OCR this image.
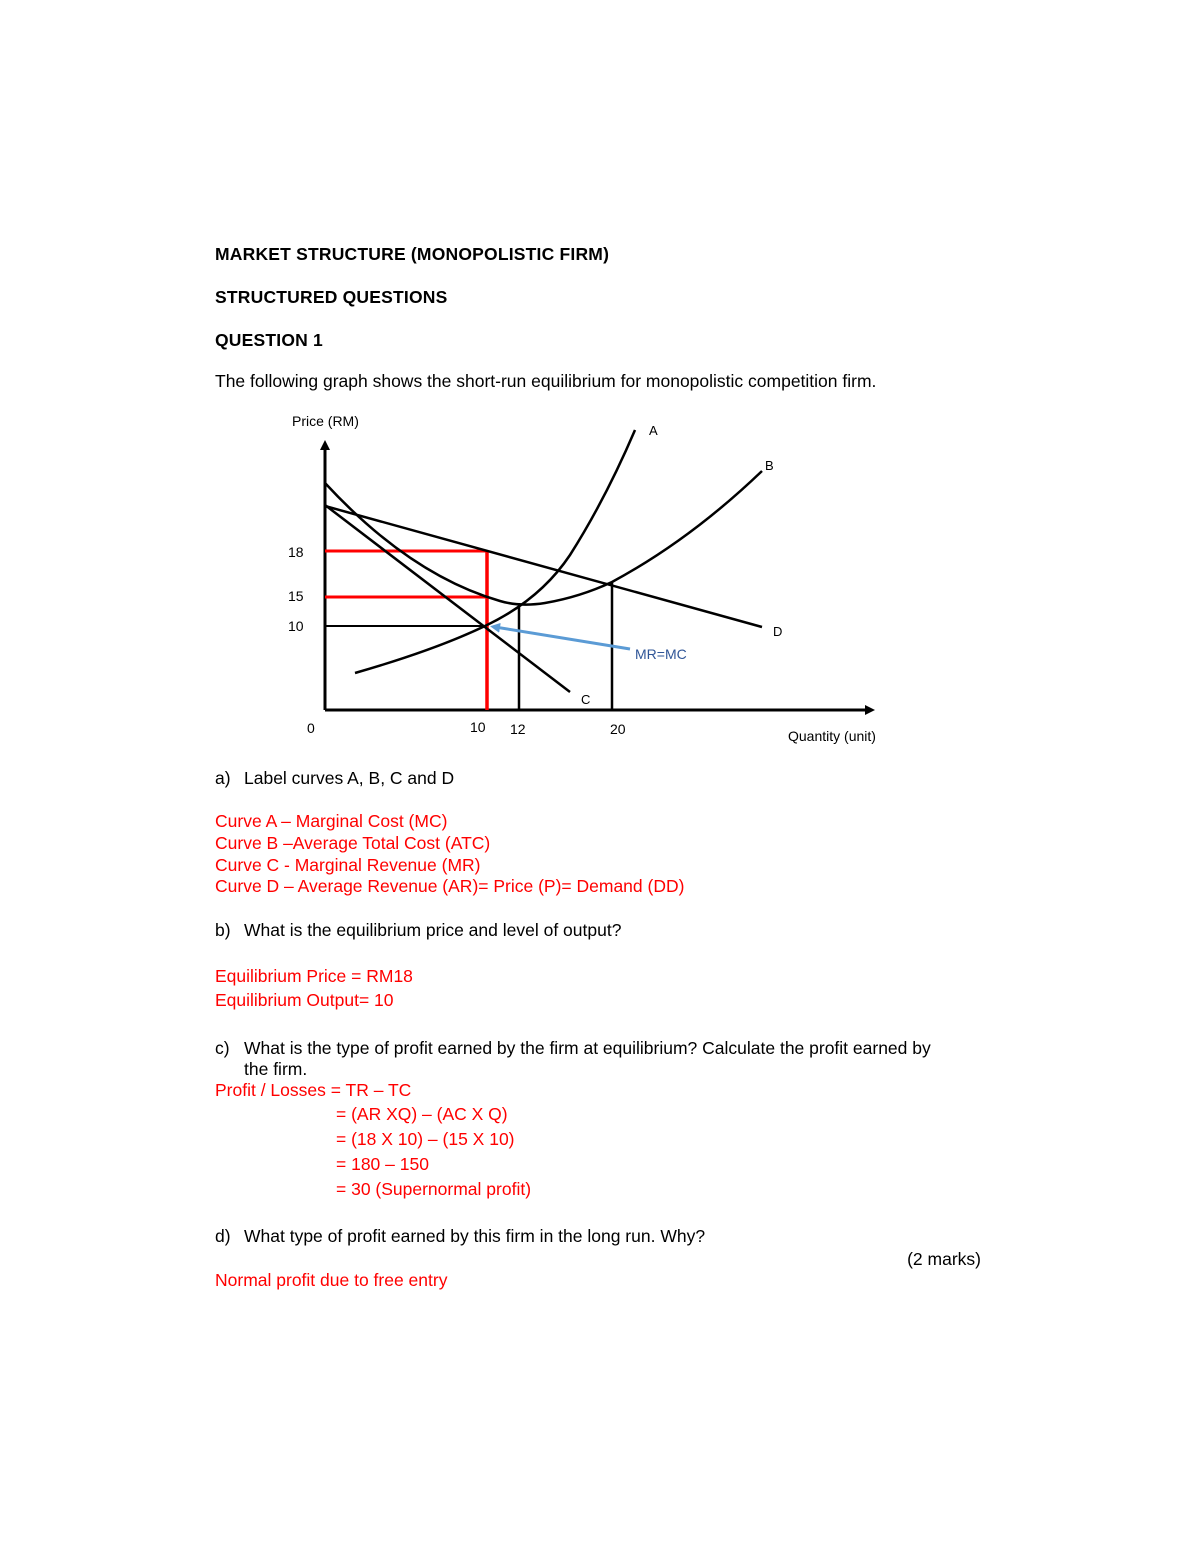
MARKET STRUCTURE (MONOPOLISTIC FIRM)
STRUCTURED QUESTIONS
QUESTION 1
The following graph shows the short-run equilibrium for monopolistic competition firm.
Price (RM)
MR=MC
A
B
C
D
18
15
10
0	10 12	20	Quantity (unit)
a) Label curves A, B, C and D
Curve A – Marginal Cost (MC)
Curve B –Average Total Cost (ATC)
Curve C - Marginal Revenue (MR)
Curve D – Average Revenue (AR)= Price (P)= Demand (DD)
b) What is the equilibrium price and level of output?
Equilibrium Price = RM18
Equilibrium Output= 10
c) What is the type of profit earned by the firm at equilibrium? Calculate the profit earned by
the firm.
Profit / Losses = TR – TC
= (AR XQ) – (AC X Q)
= (18 X 10) – (15 X 10)
= 180 – 150
= 30 (Supernormal profit)
d) What type of profit earned by this firm in the long run. Why?
(2 marks)
Normal profit due to free entry
